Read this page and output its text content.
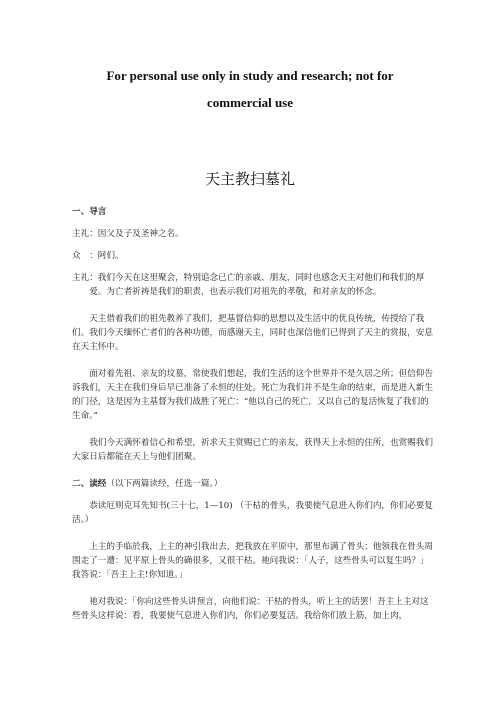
For personal use only in study and research; not for
commercial use
天主教扫墓礼

一、导言

主礼：因父及子及圣神之名。

众　：阿们。

主礼：我们今天在这里聚会，特别追念已亡的亲戚、朋友，同时也感念天主对他们和我们的厚爱。为亡者祈祷是我们的职责，也表示我们对祖先的孝敬，和对亲友的怀念。

天主借着我们的祖先教养了我们，把基督信仰的思想以及生活中的优良传统，传授给了我们。我们今天缅怀亡者们的各种功德，而感谢天主，同时也深信他们已得到了天主的赏报，安息在天主怀中。

面对着先祖、亲友的坟墓，常使我们想起，我们生活的这个世界并不是久居之所；但信仰告诉我们，天主在我们身后早已准备了永恒的住处。死亡为我们并不是生命的结束，而是进入新生的门径，这是因为主基督为我们战胜了死亡：“他以自己的死亡，又以自己的复活恢复了我们的生命。”

我们今天满怀着信心和希望，祈求天主赏赐已亡的亲友，获得天上永恒的住所，也赏赐我们大家日后都能在天上与他们团聚。

二、读经（以下两篇读经，任选一篇。）

恭读厄则克耳先知书(三十七，1—10) （干枯的骨头，我要使气息进入你们内，你们必要复活。）

上主的手临於我，上主的神引我出去，把我放在平原中，那里布满了骨头；他领我在骨头周围走了一遭：见平原上骨头的确很多，又很干枯。祂问我说：「人子，这些骨头可以复生吗？」我答说：「吾主上主!你知道。」

祂对我说：「你向这些骨头讲预言，向他们说：干枯的骨头，听上主的话罢！吾主上主对这些骨头这样说：看，我要使气息进入你们内，你们必要复活。我给你们放上筋，加上肉，
